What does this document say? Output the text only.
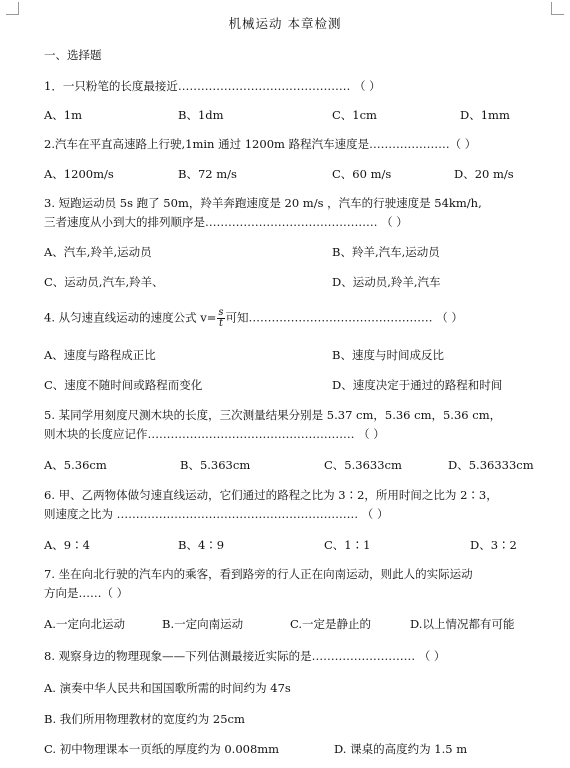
机械运动 本章检测
一、选择题
1．一只粉笔的长度最接近……………………………………… （ ）
A、1m	B、1dm	C、1cm	D、1mm
2.汽车在平直高速路上行驶,1min 通过 1200m 路程汽车速度是…………………（ ）
A、1200m/s	B、72 m/s	C、60 m/s	D、20 m/s
3. 短跑运动员 5s 跑了 50m，羚羊奔跑速度是 20 m/s ，汽车的行驶速度是 54km/h,
三者速度从小到大的排列顺序是……………………………………… （ ）
A、汽车,羚羊,运动员	B、羚羊,汽车,运动员
C、运动员,汽车,羚羊、	D、运动员,羚羊,汽车
4. 从匀速直线运动的速度公式 $v= \frac{s}{t}$ 可知………………………………………… （ ）
A、速度与路程成正比	B、速度与时间成反比
C、速度不随时间或路程而变化	D、速度决定于通过的路程和时间
5. 某同学用刻度尺测木块的长度，三次测量结果分别是 5.37 cm，5.36 cm，5.36 cm，
则木块的长度应记作……………………………………………… （ ）
A、5.36cm	B、5.363cm	C、5.3633cm	D、5.36333cm
6. 甲、乙两物体做匀速直线运动，它们通过的路程之比为 3∶2，所用时间之比为 2∶3，
则速度之比为 ……………………………………………………… （ ）
A、9∶4	B、4∶9	C、1∶1	D、3∶2
7. 坐在向北行驶的汽车内的乘客，看到路旁的行人正在向南运动，则此人的实际运动
方向是……（ ）
A.一定向北运动	B.一定向南运动	C.一定是静止的	D.以上情况都有可能
8. 观察身边的物理现象——下列估测最接近实际的是……………………… （ ）
A. 演奏中华人民共和国国歌所需的时间约为 47s
B. 我们所用物理教材的宽度约为 25cm
C. 初中物理课本一页纸的厚度约为 0.008mm	D. 课桌的高度约为 1.5 m
